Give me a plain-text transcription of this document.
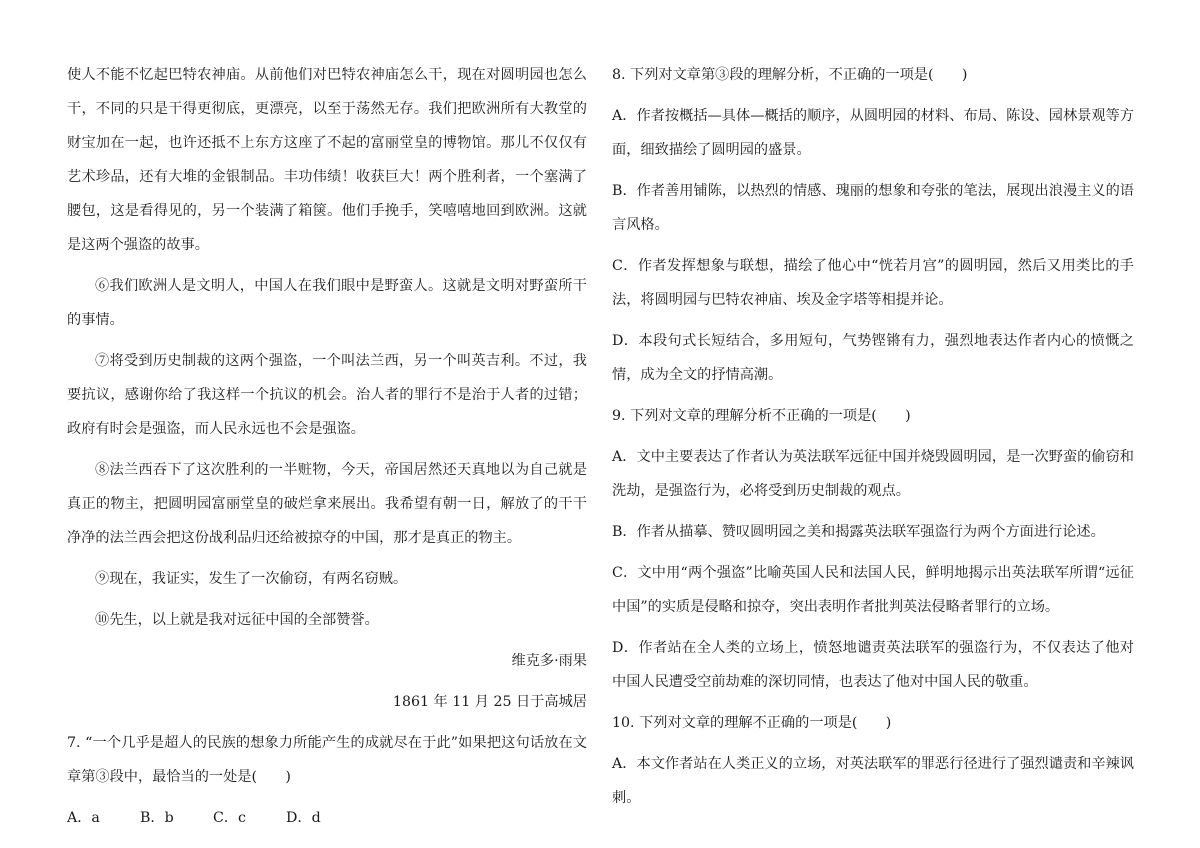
使人不能不忆起巴特农神庙。从前他们对巴特农神庙怎么干，现在对圆明园也怎么干，不同的只是干得更彻底，更漂亮，以至于荡然无存。我们把欧洲所有大教堂的财宝加在一起，也许还抵不上东方这座了不起的富丽堂皇的博物馆。那儿不仅仅有艺术珍品，还有大堆的金银制品。丰功伟绩！收获巨大！两个胜利者，一个塞满了腰包，这是看得见的，另一个装满了箱箧。他们手挽手，笑嘻嘻地回到欧洲。这就是这两个强盗的故事。

⑥我们欧洲人是文明人，中国人在我们眼中是野蛮人。这就是文明对野蛮所干的事情。

⑦将受到历史制裁的这两个强盗，一个叫法兰西，另一个叫英吉利。不过，我要抗议，感谢你给了我这样一个抗议的机会。治人者的罪行不是治于人者的过错；政府有时会是强盗，而人民永远也不会是强盗。

⑧法兰西吞下了这次胜利的一半赃物，今天，帝国居然还天真地以为自己就是真正的物主，把圆明园富丽堂皇的破烂拿来展出。我希望有朝一日，解放了的干干净净的法兰西会把这份战利品归还给被掠夺的中国，那才是真正的物主。

⑨现在，我证实，发生了一次偷窃，有两名窃贼。

⑩先生，以上就是我对远征中国的全部赞誉。

维克多·雨果

1861 年 11 月 25 日于高城居

7. “一个几乎是超人的民族的想象力所能产生的成就尽在于此”如果把这句话放在文章第③段中，最恰当的一处是(　　)

A．a	B．b	C．c	D．d

8. 下列对文章第③段的理解分析，不正确的一项是(　　)

A．作者按概括—具体—概括的顺序，从圆明园的材料、布局、陈设、园林景观等方面，细致描绘了圆明园的盛景。

B．作者善用铺陈，以热烈的情感、瑰丽的想象和夸张的笔法，展现出浪漫主义的语言风格。

C．作者发挥想象与联想，描绘了他心中“恍若月宫”的圆明园，然后又用类比的手法，将圆明园与巴特农神庙、埃及金字塔等相提并论。

D．本段句式长短结合，多用短句，气势铿锵有力，强烈地表达作者内心的愤慨之情，成为全文的抒情高潮。

9. 下列对文章的理解分析不正确的一项是(　　)

A．文中主要表达了作者认为英法联军远征中国并烧毁圆明园，是一次野蛮的偷窃和洗劫，是强盗行为，必将受到历史制裁的观点。

B．作者从描摹、赞叹圆明园之美和揭露英法联军强盗行为两个方面进行论述。

C．文中用“两个强盗”比喻英国人民和法国人民，鲜明地揭示出英法联军所谓“远征中国”的实质是侵略和掠夺，突出表明作者批判英法侵略者罪行的立场。

D．作者站在全人类的立场上，愤怒地谴责英法联军的强盗行为，不仅表达了他对中国人民遭受空前劫难的深切同情，也表达了他对中国人民的敬重。

10. 下列对文章的理解不正确的一项是(　　)

A．本文作者站在人类正义的立场，对英法联军的罪恶行径进行了强烈谴责和辛辣讽刺。
